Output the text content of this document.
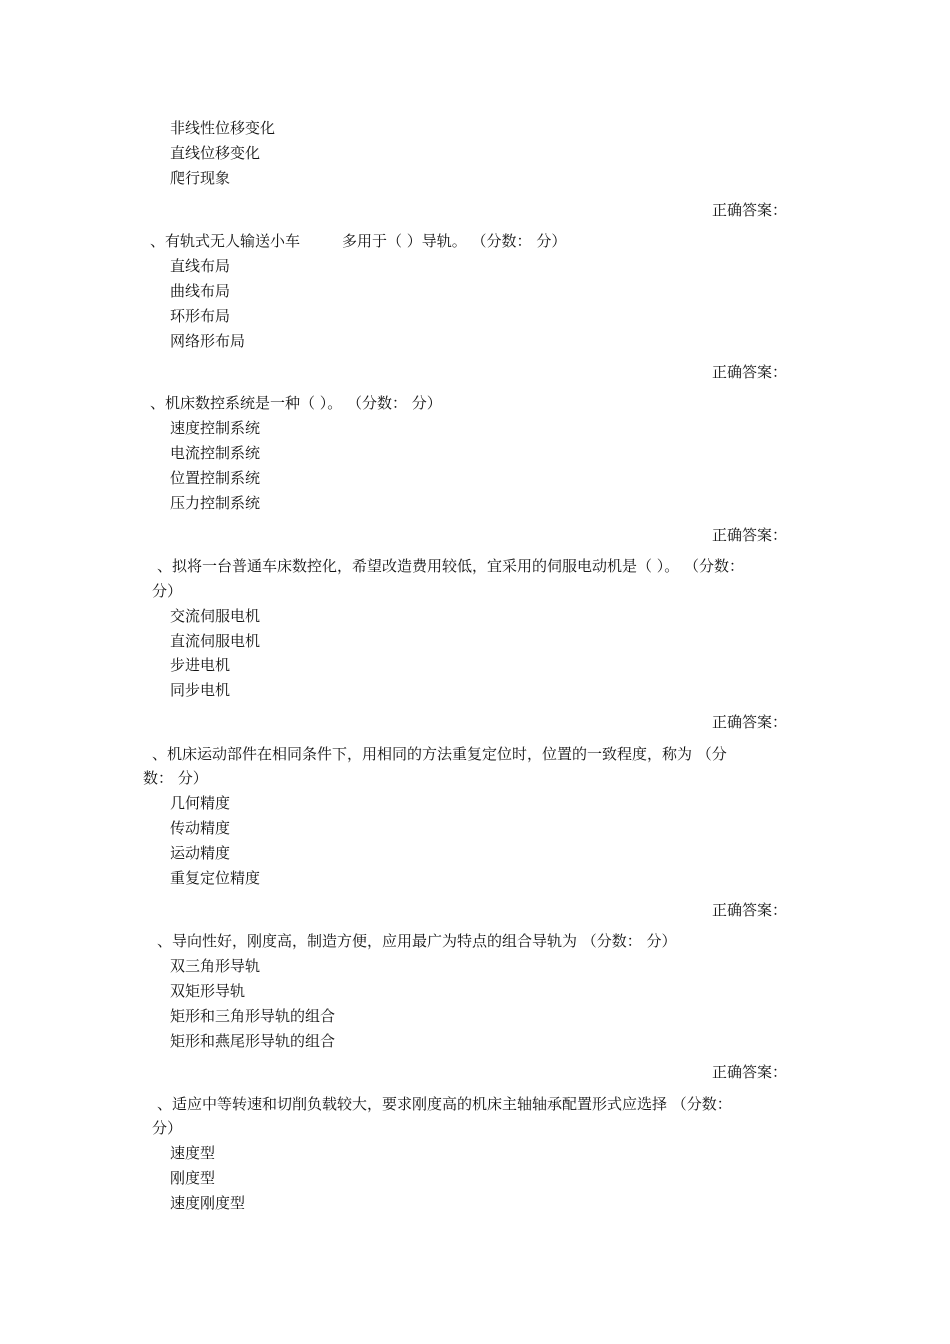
非线性位移变化
直线位移变化
爬行现象
正确答案：
、有轨式无人输送小车	多用于（ ）导轨。 （分数： 分）
直线布局
曲线布局
环形布局
网络形布局
正确答案：
、机床数控系统是一种（ ）。 （分数： 分）
速度控制系统
电流控制系统
位置控制系统
压力控制系统
正确答案：
、拟将一台普通车床数控化，希望改造费用较低，宜采用的伺服电动机是（ ）。 （分数：
分）
交流伺服电机
直流伺服电机
步进电机
同步电机
正确答案：
、机床运动部件在相同条件下，用相同的方法重复定位时，位置的一致程度，称为 （分
数： 分）
几何精度
传动精度
运动精度
重复定位精度
正确答案：
、导向性好，刚度高，制造方便，应用最广为特点的组合导轨为 （分数： 分）
双三角形导轨
双矩形导轨
矩形和三角形导轨的组合
矩形和燕尾形导轨的组合
正确答案：
、适应中等转速和切削负载较大，要求刚度高的机床主轴轴承配置形式应选择 （分数：
分）
速度型
刚度型
速度刚度型
